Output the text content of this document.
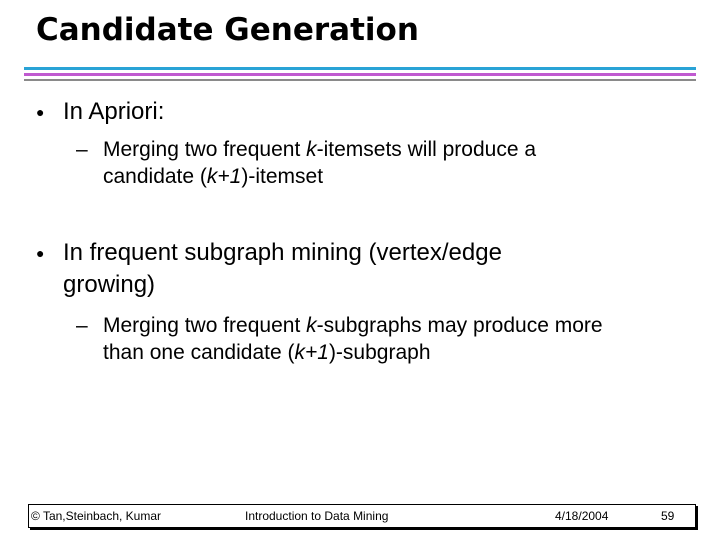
Candidate Generation
● In Apriori:
– Merging two frequent k-itemsets will produce a
candidate (k+1)-itemset
● In frequent subgraph mining (vertex/edge
growing)
– Merging two frequent k-subgraphs may produce more
than one candidate (k+1)-subgraph
© Tan,Steinbach, Kumar	Introduction to Data Mining	4/18/2004	59
